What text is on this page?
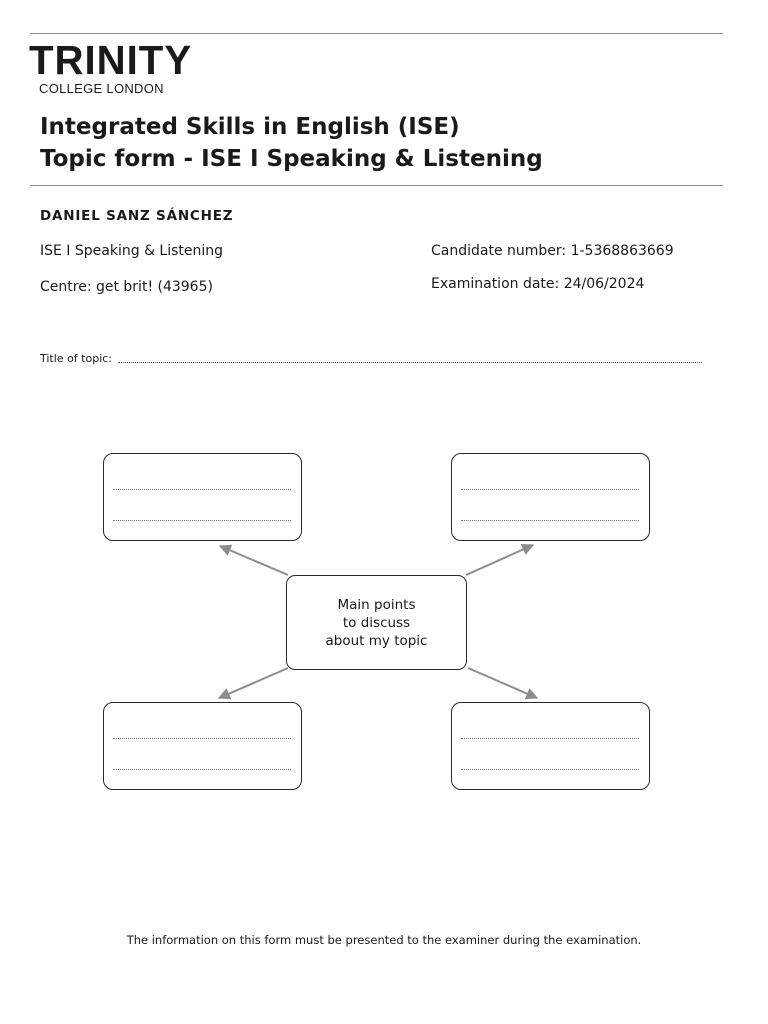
TRINITY
COLLEGE LONDON
Integrated Skills in English (ISE)
Topic form - ISE I Speaking & Listening
DANIEL SANZ SÁNCHEZ
ISE I Speaking & Listening
Centre: get brit! (43965)
Candidate number: 1-5368863669
Examination date: 24/06/2024
Title of topic:
Main points
to discuss
about my topic
The information on this form must be presented to the examiner during the examination.
